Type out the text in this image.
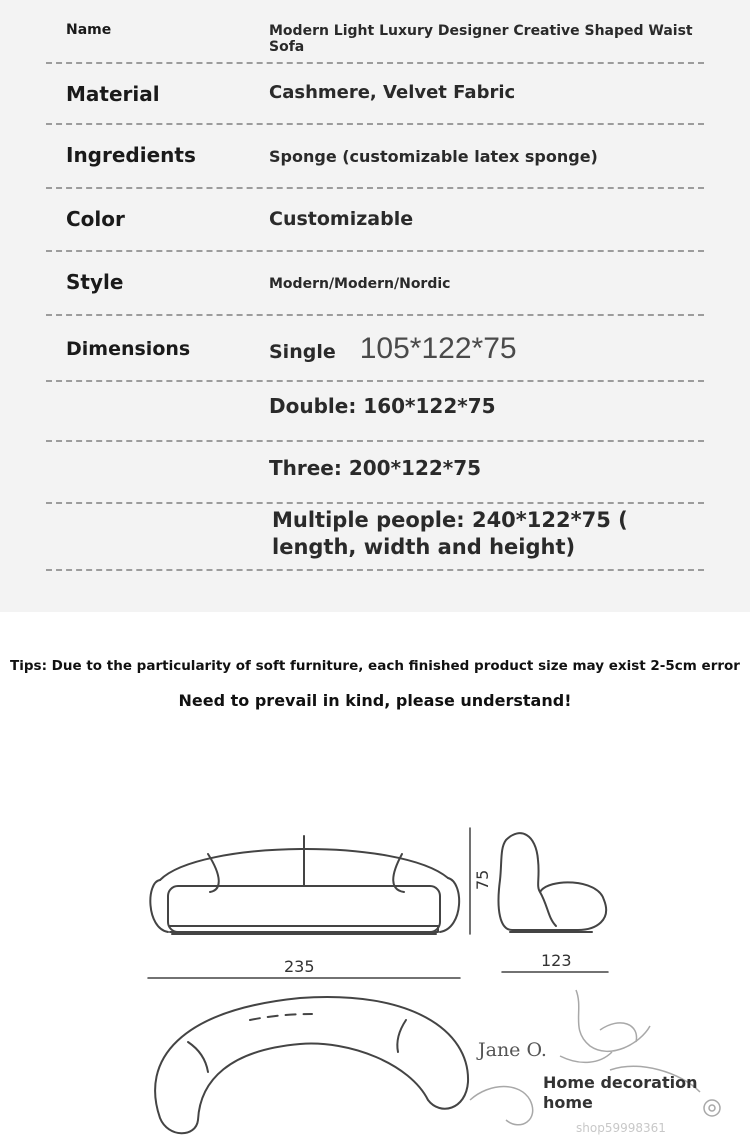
Name	Modern Light Luxury Designer Creative Shaped Waist Sofa
Material	Cashmere, Velvet Fabric
Ingredients	Sponge (customizable latex sponge)
Color	Customizable
Style	Modern/Modern/Nordic
Dimensions	Single 105*122*75
Double: 160*122*75
Three: 200*122*75
Multiple people: 240*122*75 (
length, width and height)
Tips: Due to the particularity of soft furniture, each finished product size may exist 2-5cm error
Need to prevail in kind, please understand!
235
75
123
Jane O.
Home decoration
home
shop59998361
